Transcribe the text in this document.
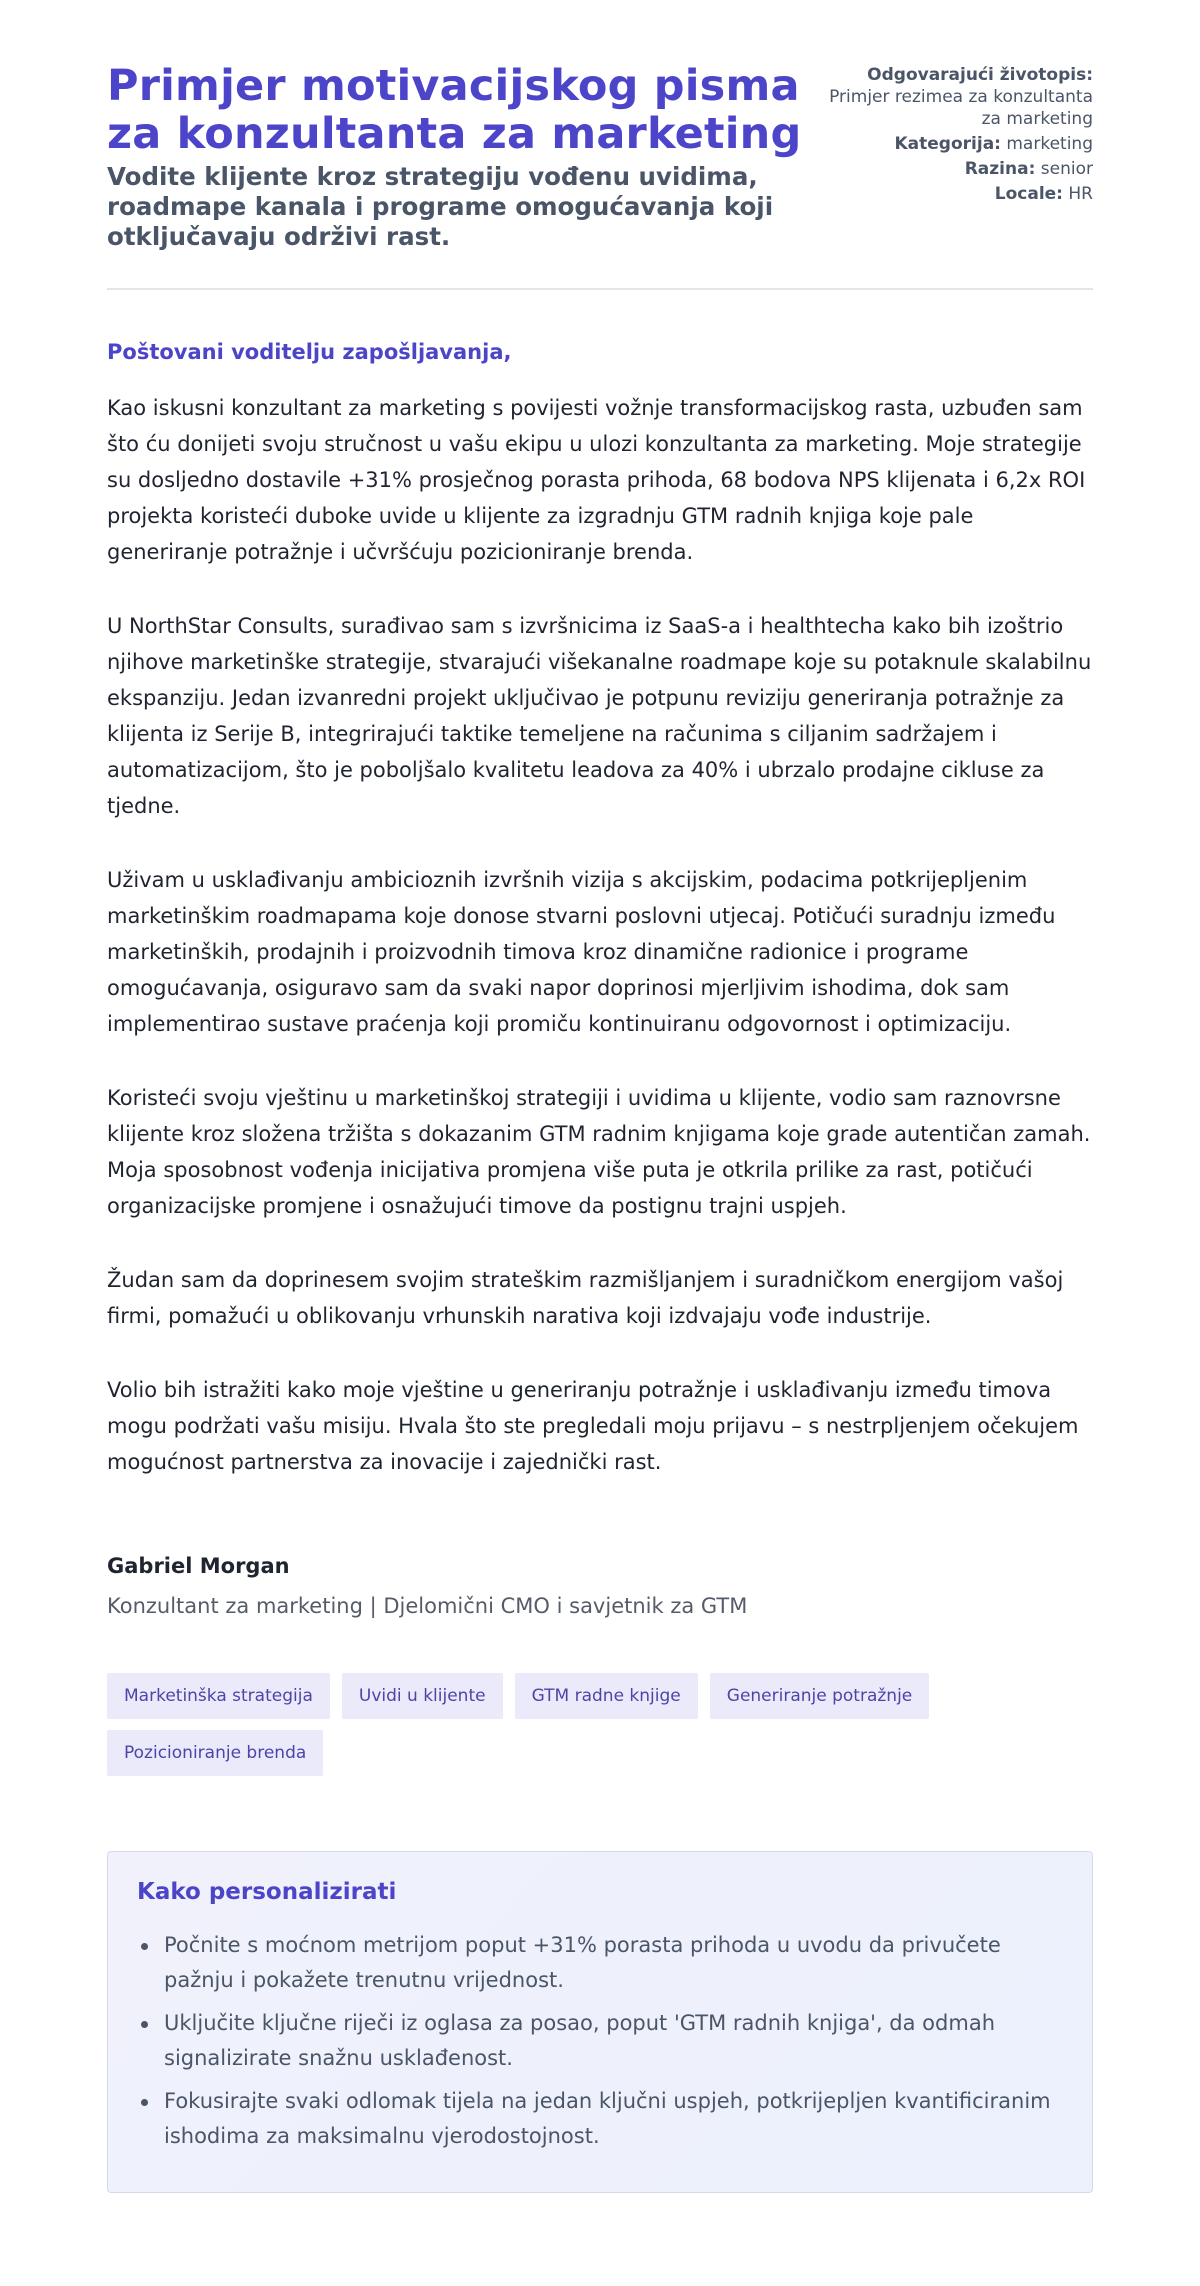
Primjer motivacijskog pisma za konzultanta za marketing
Vodite klijente kroz strategiju vođenu uvidima, roadmape kanala i programe omogućavanja koji otključavaju održivi rast.
Odgovarajući životopis: Primjer rezimea za konzultanta za marketing
Kategorija: marketing
Razina: senior
Locale: HR

Poštovani voditelju zapošljavanja,

Kao iskusni konzultant za marketing s povijesti vožnje transformacijskog rasta, uzbuđen sam što ću donijeti svoju stručnost u vašu ekipu u ulozi konzultanta za marketing. Moje strategije su dosljedno dostavile +31% prosječnog porasta prihoda, 68 bodova NPS klijenata i 6,2x ROI projekta koristeći duboke uvide u klijente za izgradnju GTM radnih knjiga koje pale generiranje potražnje i učvršćuju pozicioniranje brenda.

U NorthStar Consults, surađivao sam s izvršnicima iz SaaS-a i healthtecha kako bih izoštrio njihove marketinške strategije, stvarajući višekanalne roadmape koje su potaknule skalabilnu ekspanziju. Jedan izvanredni projekt uključivao je potpunu reviziju generiranja potražnje za klijenta iz Serije B, integrirajući taktike temeljene na računima s ciljanim sadržajem i automatizacijom, što je poboljšalo kvalitetu leadova za 40% i ubrzalo prodajne cikluse za tjedne.

Uživam u usklađivanju ambicioznih izvršnih vizija s akcijskim, podacima potkrijepljenim marketinškim roadmapama koje donose stvarni poslovni utjecaj. Potičući suradnju između marketinških, prodajnih i proizvodnih timova kroz dinamične radionice i programe omogućavanja, osiguravo sam da svaki napor doprinosi mjerljivim ishodima, dok sam implementirao sustave praćenja koji promiču kontinuiranu odgovornost i optimizaciju.

Koristeći svoju vještinu u marketinškoj strategiji i uvidima u klijente, vodio sam raznovrsne klijente kroz složena tržišta s dokazanim GTM radnim knjigama koje grade autentičan zamah. Moja sposobnost vođenja inicijativa promjena više puta je otkrila prilike za rast, potičući organizacijske promjene i osnažujući timove da postignu trajni uspjeh.

Žudan sam da doprinesem svojim strateškim razmišljanjem i suradničkom energijom vašoj firmi, pomažući u oblikovanju vrhunskih narativa koji izdvajaju vođe industrije.

Volio bih istražiti kako moje vještine u generiranju potražnje i usklađivanju između timova mogu podržati vašu misiju. Hvala što ste pregledali moju prijavu – s nestrpljenjem očekujem mogućnost partnerstva za inovacije i zajednički rast.

Gabriel Morgan

Konzultant za marketing | Djelomični CMO i savjetnik za GTM

Marketinška strategija	Uvidi u klijente	GTM radne knjige	Generiranje potražnje
Pozicioniranje brenda
Kako personalizirati
Počnite s moćnom metrijom poput +31% porasta prihoda u uvodu da privučete pažnju i pokažete trenutnu vrijednost.
Uključite ključne riječi iz oglasa za posao, poput 'GTM radnih knjiga', da odmah signalizirate snažnu usklađenost.
Fokusirajte svaki odlomak tijela na jedan ključni uspjeh, potkrijepljen kvantificiranim ishodima za maksimalnu vjerodostojnost.
